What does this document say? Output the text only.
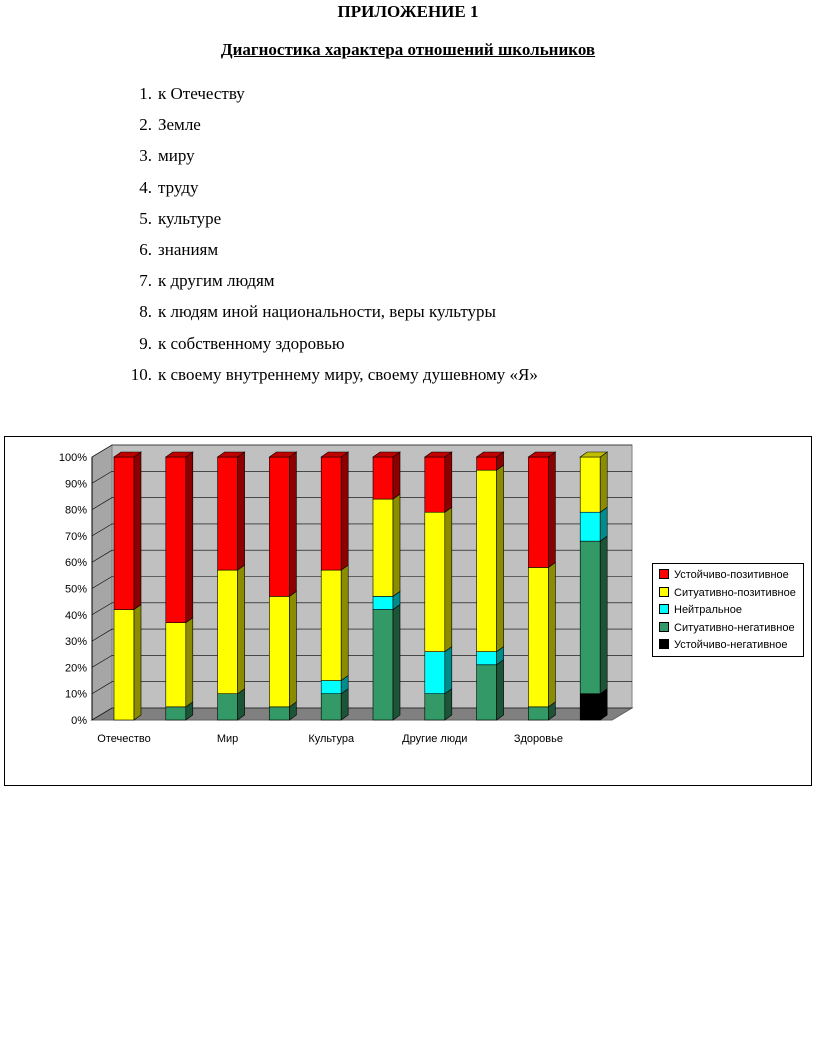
ПРИЛОЖЕНИЕ 1
Диагностика характера отношений школьников
1. к Отечеству
2. Земле
3. миру
4. труду
5. культуре
6. знаниям
7. к другим людям
8. к людям иной национальности, веры культуры
9. к собственному здоровью
10. к своему внутреннему миру, своему душевному «Я»
0%
10%
20%
30%
40%
50%
60%
70%
80%
90%
100%
Отечество	Мир	Культура	Другие люди	Здоровье
Устойчиво-позитивное
Ситуативно-позитивное
Нейтральное
Ситуативно-негативное
Устойчиво-негативное
